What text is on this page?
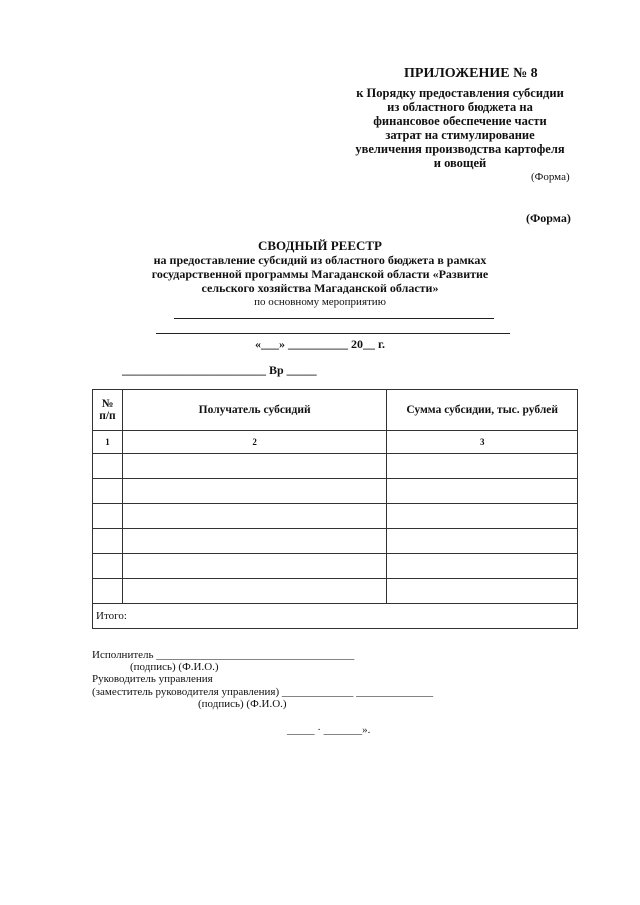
ПРИЛОЖЕНИЕ № 8
к Порядку предоставления субсидии
из областного бюджета на
финансовое обеспечение части
затрат на стимулирование
увеличения производства картофеля
и овощей
(Форма)
(Форма)
СВОДНЫЙ РЕЕСТР
на предоставление субсидий из областного бюджета в рамках
государственной программы Магаданской области «Развитие
сельского хозяйства Магаданской области»
по основному мероприятию
«___» __________ 20__ г.
________________________ Вр _____
№
п/п	Получатель субсидий	Сумма субсидии, тыс. рублей
1	2	3

Итого:		
Исполнитель ____________________________________
(подпись) (Ф.И.О.)
Руководитель управления
(заместитель руководителя управления) _____________ ______________
(подпись) (Ф.И.О.)
_____ · _______».
